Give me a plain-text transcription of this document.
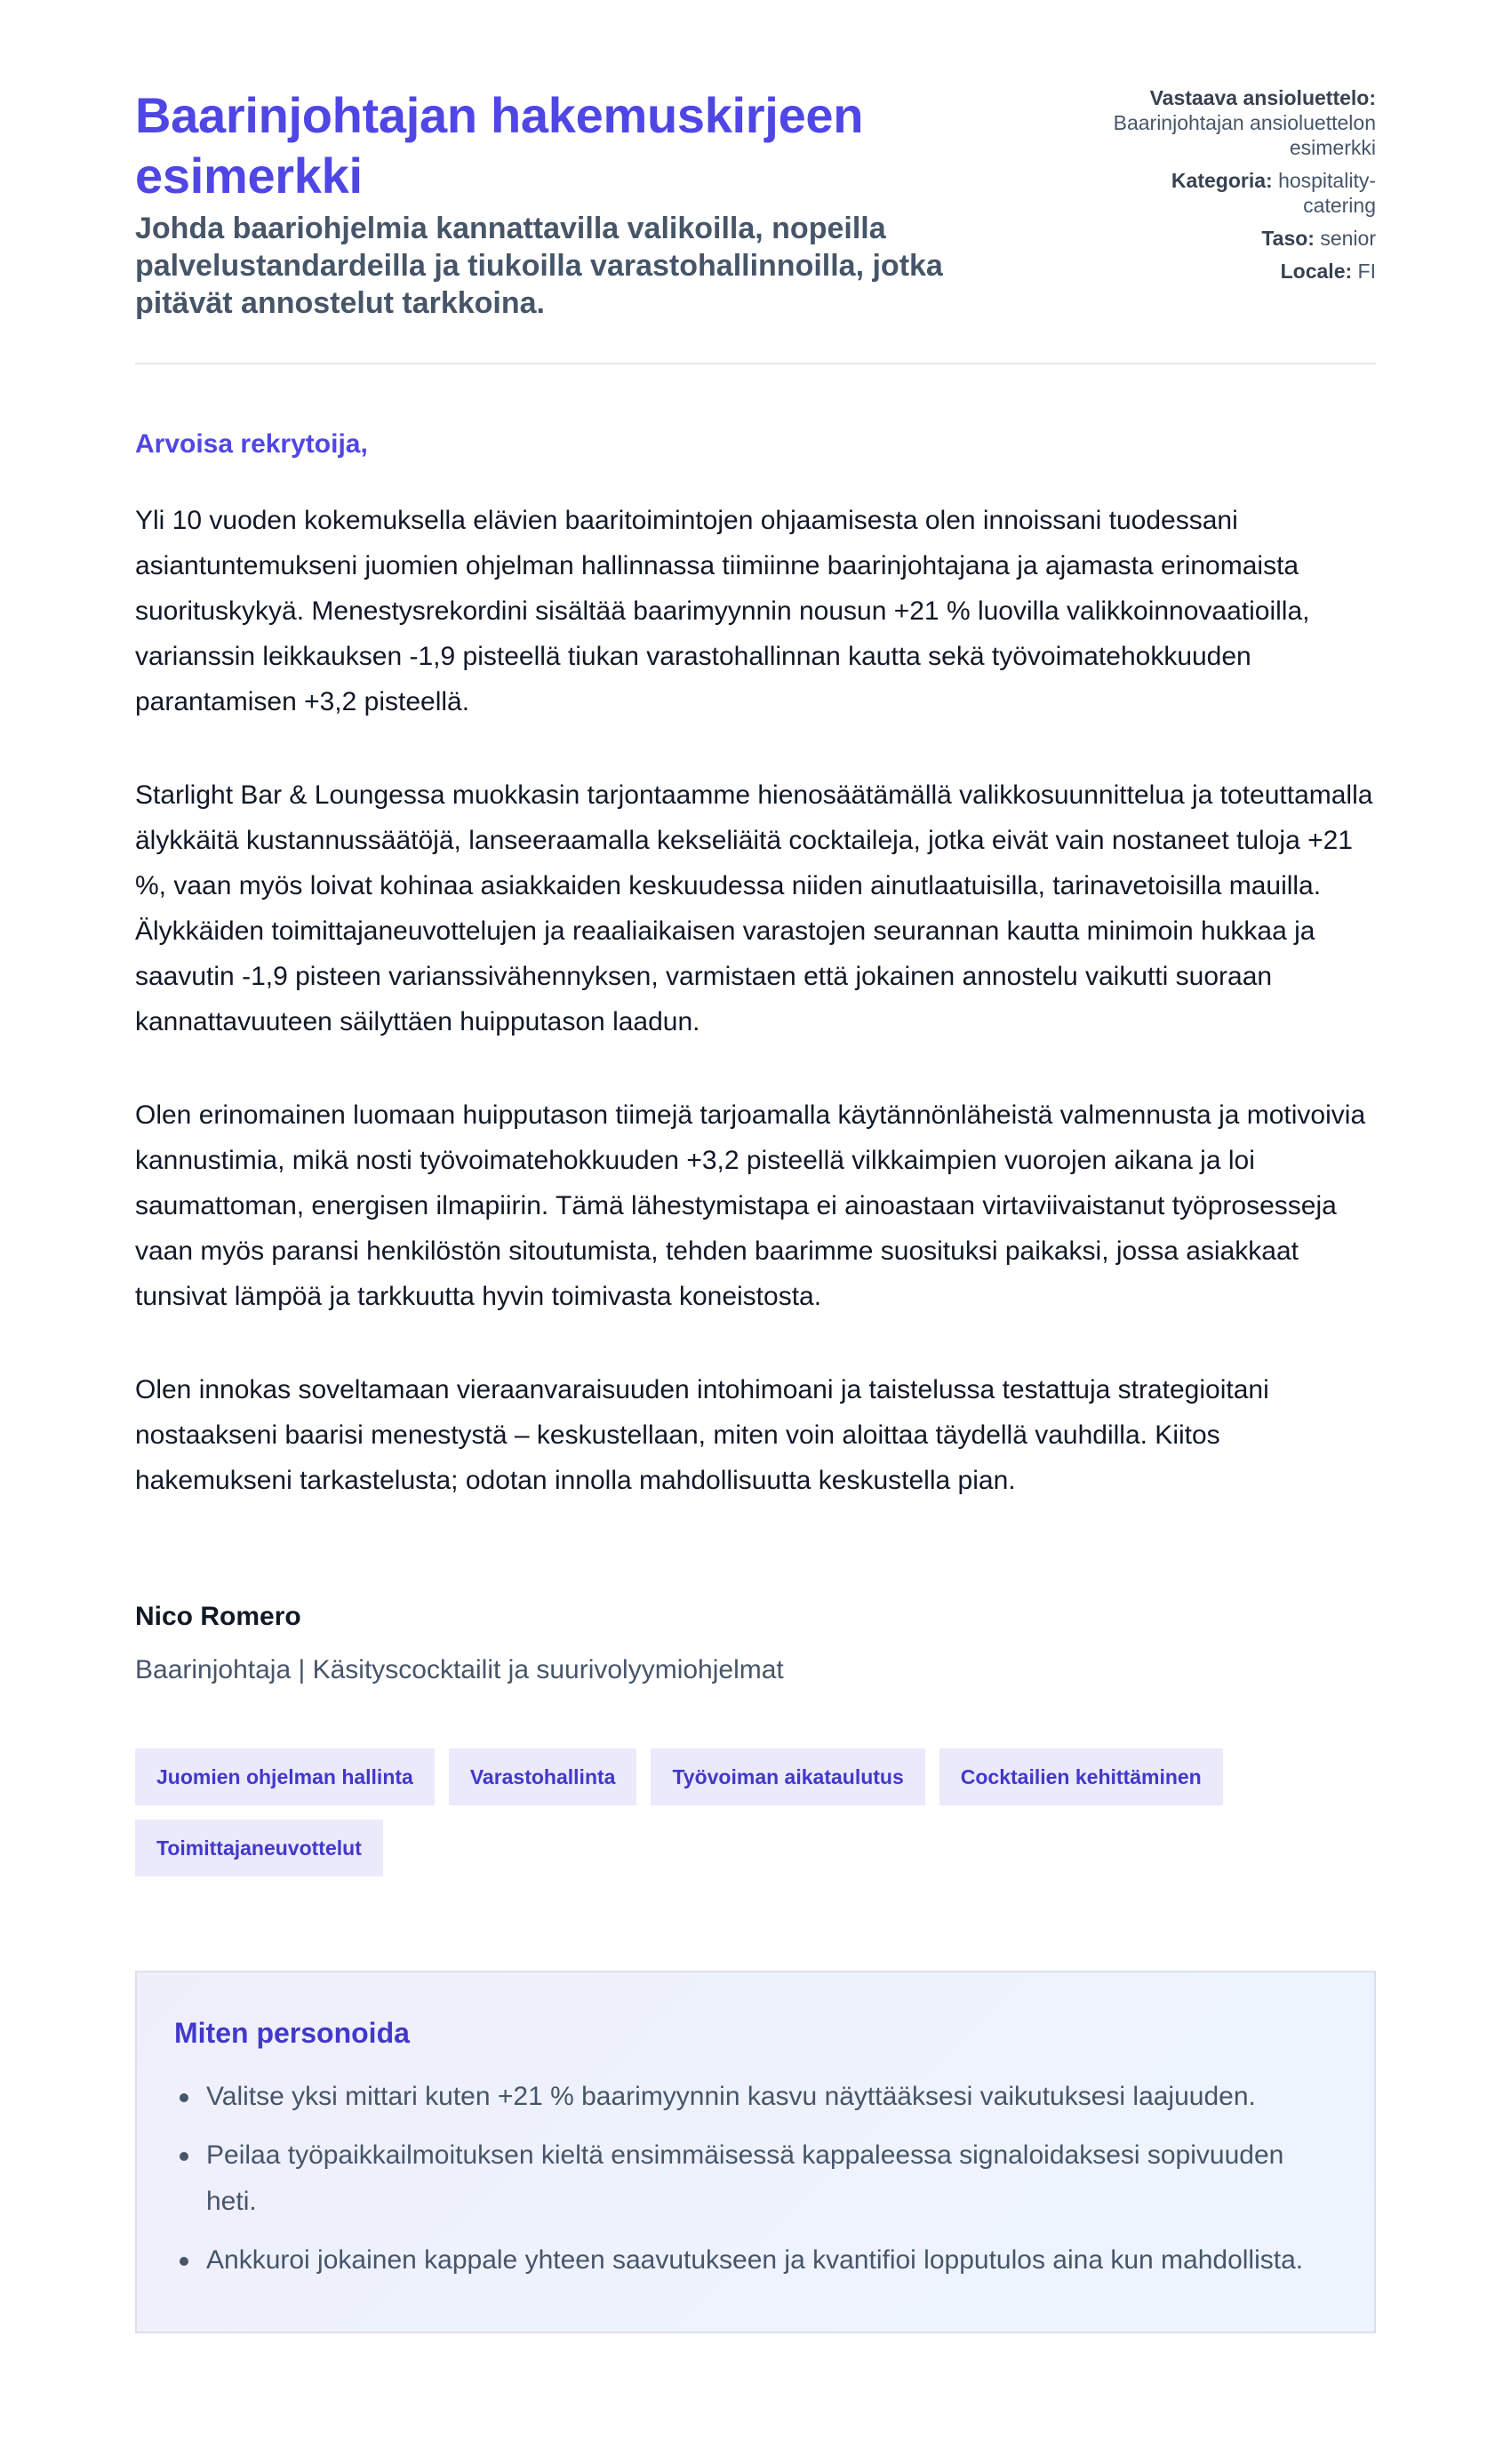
Baarinjohtajan hakemuskirjeen esimerkki

Johda baariohjelmia kannattavilla valikoilla, nopeilla palvelustandardeilla ja tiukoilla varastohallinnoilla, jotka pitävät annostelut tarkkoina.

Vastaava ansioluettelo: Baarinjohtajan ansioluettelon esimerkki
Kategoria: hospitality-catering
Taso: senior
Locale: FI

Arvoisa rekrytoija,

Yli 10 vuoden kokemuksella elävien baaritoimintojen ohjaamisesta olen innoissani tuodessani asiantuntemukseni juomien ohjelman hallinnassa tiimiinne baarinjohtajana ja ajamasta erinomaista suorituskykyä. Menestysrekordini sisältää baarimyynnin nousun +21 % luovilla valikkoinnovaatioilla, varianssin leikkauksen -1,9 pisteellä tiukan varastohallinnan kautta sekä työvoimatehokkuuden parantamisen +3,2 pisteellä.

Starlight Bar & Loungessa muokkasin tarjontaamme hienosäätämällä valikkosuunnittelua ja toteuttamalla älykkäitä kustannussäätöjä, lanseeraamalla kekseliäitä cocktaileja, jotka eivät vain nostaneet tuloja +21 %, vaan myös loivat kohinaa asiakkaiden keskuudessa niiden ainutlaatuisilla, tarinavetoisilla mauilla. Älykkäiden toimittajaneuvottelujen ja reaaliaikaisen varastojen seurannan kautta minimoin hukkaa ja saavutin -1,9 pisteen varianssivähennyksen, varmistaen että jokainen annostelu vaikutti suoraan kannattavuuteen säilyttäen huipputason laadun.

Olen erinomainen luomaan huipputason tiimejä tarjoamalla käytännönläheistä valmennusta ja motivoivia kannustimia, mikä nosti työvoimatehokkuuden +3,2 pisteellä vilkkaimpien vuorojen aikana ja loi saumattoman, energisen ilmapiirin. Tämä lähestymistapa ei ainoastaan virtaviivaistanut työprosesseja vaan myös paransi henkilöstön sitoutumista, tehden baarimme suosituksi paikaksi, jossa asiakkaat tunsivat lämpöä ja tarkkuutta hyvin toimivasta koneistosta.

Olen innokas soveltamaan vieraanvaraisuuden intohimoani ja taistelussa testattuja strategioitani nostaakseni baarisi menestystä – keskustellaan, miten voin aloittaa täydellä vauhdilla. Kiitos hakemukseni tarkastelusta; odotan innolla mahdollisuutta keskustella pian.

Nico Romero

Baarinjohtaja | Käsityscocktailit ja suurivolyymiohjelmat

Juomien ohjelman hallinta	Varastohallinta	Työvoiman aikataulutus	Cocktailien kehittäminen
Toimittajaneuvottelut
Miten personoida
Valitse yksi mittari kuten +21 % baarimyynnin kasvu näyttääksesi vaikutuksesi laajuuden.
Peilaa työpaikkailmoituksen kieltä ensimmäisessä kappaleessa signaloidaksesi sopivuuden heti.
Ankkuroi jokainen kappale yhteen saavutukseen ja kvantifioi lopputulos aina kun mahdollista.
